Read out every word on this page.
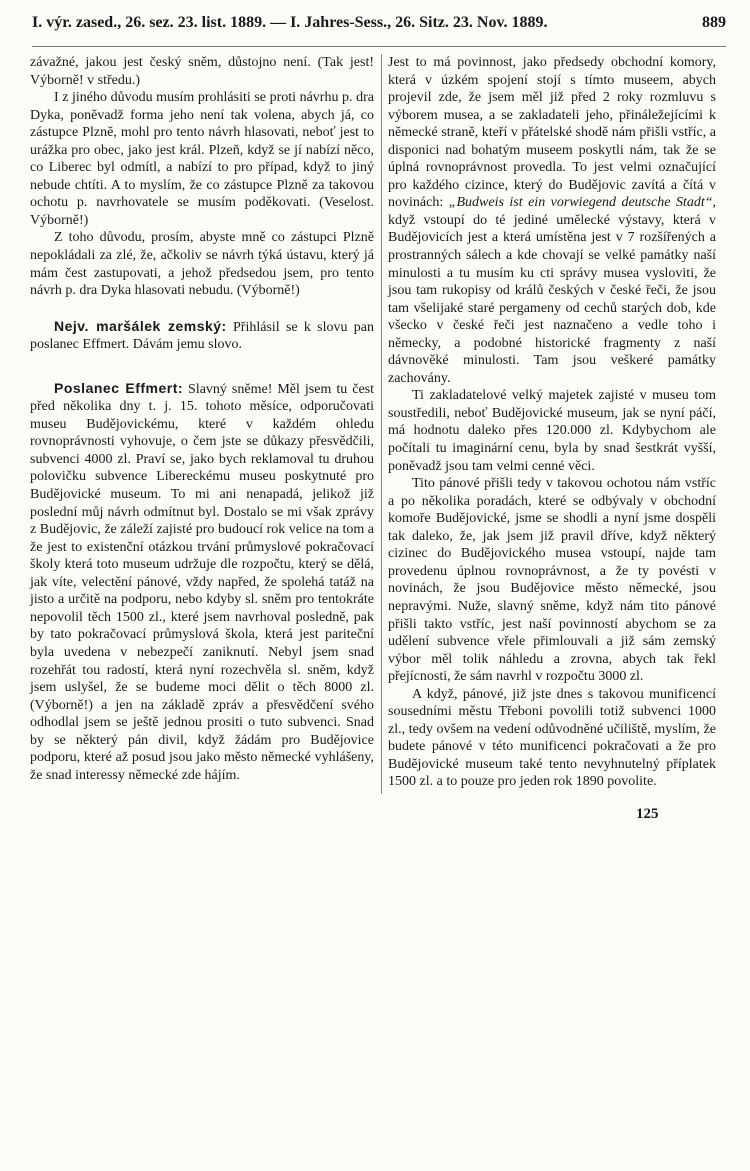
I. výr. zased., 26. sez. 23. list. 1889. — I. Jahres-Sess., 26. Sitz. 23. Nov. 1889.	889

závažné, jakou jest český sněm, důstojno není. (Tak jest! Výborně! v středu.)

I z jiného důvodu musím prohlásiti se proti návrhu p. dra Dyka, poněvadž forma jeho není tak volena, abych já, co zástupce Plzně, mohl pro tento návrh hlasovati, neboť jest to urážka pro obec, jako jest král. Plzeň, když se jí nabízí něco, co Liberec byl odmítl, a nabízí to pro případ, když to jiný nebude chtíti. A to myslím, že co zástupce Plzně za takovou ochotu p. navrhovatele se musím poděkovati. (Veselost. Výborně!)

Z toho důvodu, prosím, abyste mně co zástupci Plzně nepokládali za zlé, že, ačkoliv se návrh týká ústavu, který já mám čest zastupovati, a jehož předsedou jsem, pro tento návrh p. dra Dyka hlasovati nebudu. (Výborně!)

Nejv. maršálek zemský: Přihlásil se k slovu pan poslanec Effmert. Dávám jemu slovo.

Poslanec Effmert: Slavný sněme! Měl jsem tu čest před několika dny t. j. 15. tohoto měsíce, odporučovati museu Budějovickému, které v každém ohledu rovnoprávnosti vyhovuje, o čem jste se důkazy přesvědčili, subvenci 4000 zl. Praví se, jako bych reklamoval tu druhou polovičku subvence Libereckému museu poskytnuté pro Budějovické museum. To mi ani nenapadá, jelikož již poslední můj návrh odmítnut byl. Dostalo se mi však zprávy z Budějovic, že záleží zajisté pro budoucí rok velice na tom a že jest to existenční otázkou trvání průmyslové pokračovací školy která toto museum udržuje dle rozpočtu, který se dělá, jak víte, velectění pánové, vždy napřed, že spolehá tatáž na jisto a určitě na podporu, nebo kdyby sl. sněm pro tentokráte nepovolil těch 1500 zl., které jsem navrhoval posledně, pak by tato pokračovací průmyslová škola, která jest pariteční byla uvedena v nebezpečí zaniknutí. Nebyl jsem snad rozehřát tou radostí, která nyní rozechvěla sl. sněm, když jsem uslyšel, že se budeme moci dělit o těch 8000 zl. (Výborně!) a jen na základě zpráv a přesvědčení svého odhodlal jsem se ještě jednou prositi o tuto subvenci. Snad by se některý pán divil, když žádám pro Budějovice podporu, které až posud jsou jako město německé vyhlášeny, že snad interessy německé zde hájím.

Jest to má povinnost, jako předsedy obchodní komory, která v úzkém spojení stojí s tímto museem, abych projevil zde, že jsem měl již před 2 roky rozmluvu s výborem musea, a se zakladateli jeho, přináležejícími k německé straně, kteří v přátelské shodě nám přišli vstříc, a disponici nad bohatým museem poskytli nám, tak že se úplná rovnoprávnost provedla. To jest velmi označující pro každého cizince, který do Budějovic zavítá a čítá v novinách: „Budweis ist ein vorwiegend deutsche Stadt“, když vstoupí do té jediné umělecké výstavy, která v Budějovicích jest a která umístěna jest v 7 rozšířených a prostranných sálech a kde chovají se velké památky naší minulosti a tu musím ku cti správy musea vysloviti, že jsou tam rukopisy od králů českých v české řeči, že jsou tam všelijaké staré pergameny od cechů starých dob, kde všecko v české řeči jest naznačeno a vedle toho i německy, a podobné historické fragmenty z naší dávnověké minulosti. Tam jsou veškeré památky zachovány.

Ti zakladatelové velký majetek zajisté v museu tom soustředili, neboť Budějovické museum, jak se nyní páčí, má hodnotu daleko přes 120.000 zl. Kdybychom ale počítali tu imaginární cenu, byla by snad šestkrát vyšší, poněvadž jsou tam velmi cenné věci.

Tito pánové přišli tedy v takovou ochotou nám vstříc a po několika poradách, které se odbývaly v obchodní komoře Budějovické, jsme se shodli a nyní jsme dospěli tak daleko, že, jak jsem již pravil dříve, když některý cizinec do Budějovického musea vstoupí, najde tam provedenu úplnou rovnoprávnost, a že ty povésti v novinách, že jsou Budějovice město německé, jsou nepravými. Nuže, slavný sněme, když nám tito pánové přišli takto vstříc, jest naší povinností abychom se za udělení subvence vřele přimlouvali a již sám zemský výbor měl tolik náhledu a zrovna, abych tak řekl přejícnosti, že sám navrhl v rozpočtu 3000 zl.

A když, pánové, již jste dnes s takovou munificencí sousedními městu Třeboni povolili totiž subvenci 1000 zl., tedy ovšem na vedení odůvodněné učiliště, myslím, že budete pánové v této munificenci pokračovati a že pro Budějovické museum také tento nevyhnutelný příplatek 1500 zl. a to pouze pro jeden rok 1890 povolite.

125
